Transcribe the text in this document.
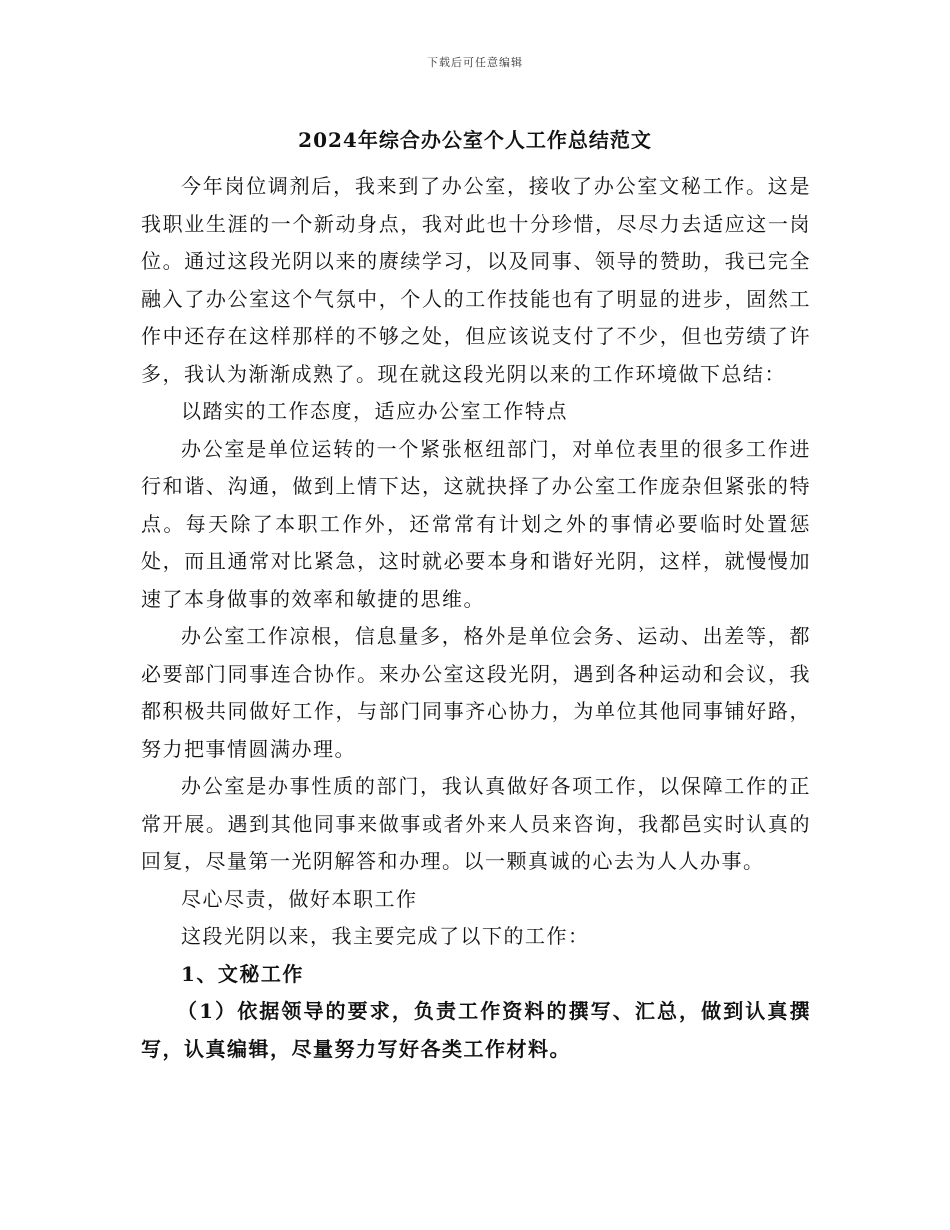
下载后可任意编辑
2024年综合办公室个人工作总结范文

今年岗位调剂后，我来到了办公室，接收了办公室文秘工作。这是我职业生涯的一个新动身点，我对此也十分珍惜，尽尽力去适应这一岗位。通过这段光阴以来的赓续学习，以及同事、领导的赞助，我已完全融入了办公室这个气氛中，个人的工作技能也有了明显的进步，固然工作中还存在这样那样的不够之处，但应该说支付了不少，但也劳绩了许多，我认为渐渐成熟了。现在就这段光阴以来的工作环境做下总结：

以踏实的工作态度，适应办公室工作特点

办公室是单位运转的一个紧张枢纽部门，对单位表里的很多工作进行和谐、沟通，做到上情下达，这就抉择了办公室工作庞杂但紧张的特点。每天除了本职工作外，还常常有计划之外的事情必要临时处置惩处，而且通常对比紧急，这时就必要本身和谐好光阴，这样，就慢慢加速了本身做事的效率和敏捷的思维。

办公室工作凉根，信息量多，格外是单位会务、运动、出差等，都必要部门同事连合协作。来办公室这段光阴，遇到各种运动和会议，我都积极共同做好工作，与部门同事齐心协力，为单位其他同事铺好路，努力把事情圆满办理。

办公室是办事性质的部门，我认真做好各项工作，以保障工作的正常开展。遇到其他同事来做事或者外来人员来咨询，我都邑实时认真的回复，尽量第一光阴解答和办理。以一颗真诚的心去为人人办事。

尽心尽责，做好本职工作

这段光阴以来，我主要完成了以下的工作：

1、文秘工作

（1）依据领导的要求，负责工作资料的撰写、汇总，做到认真撰写，认真编辑，尽量努力写好各类工作材料。
